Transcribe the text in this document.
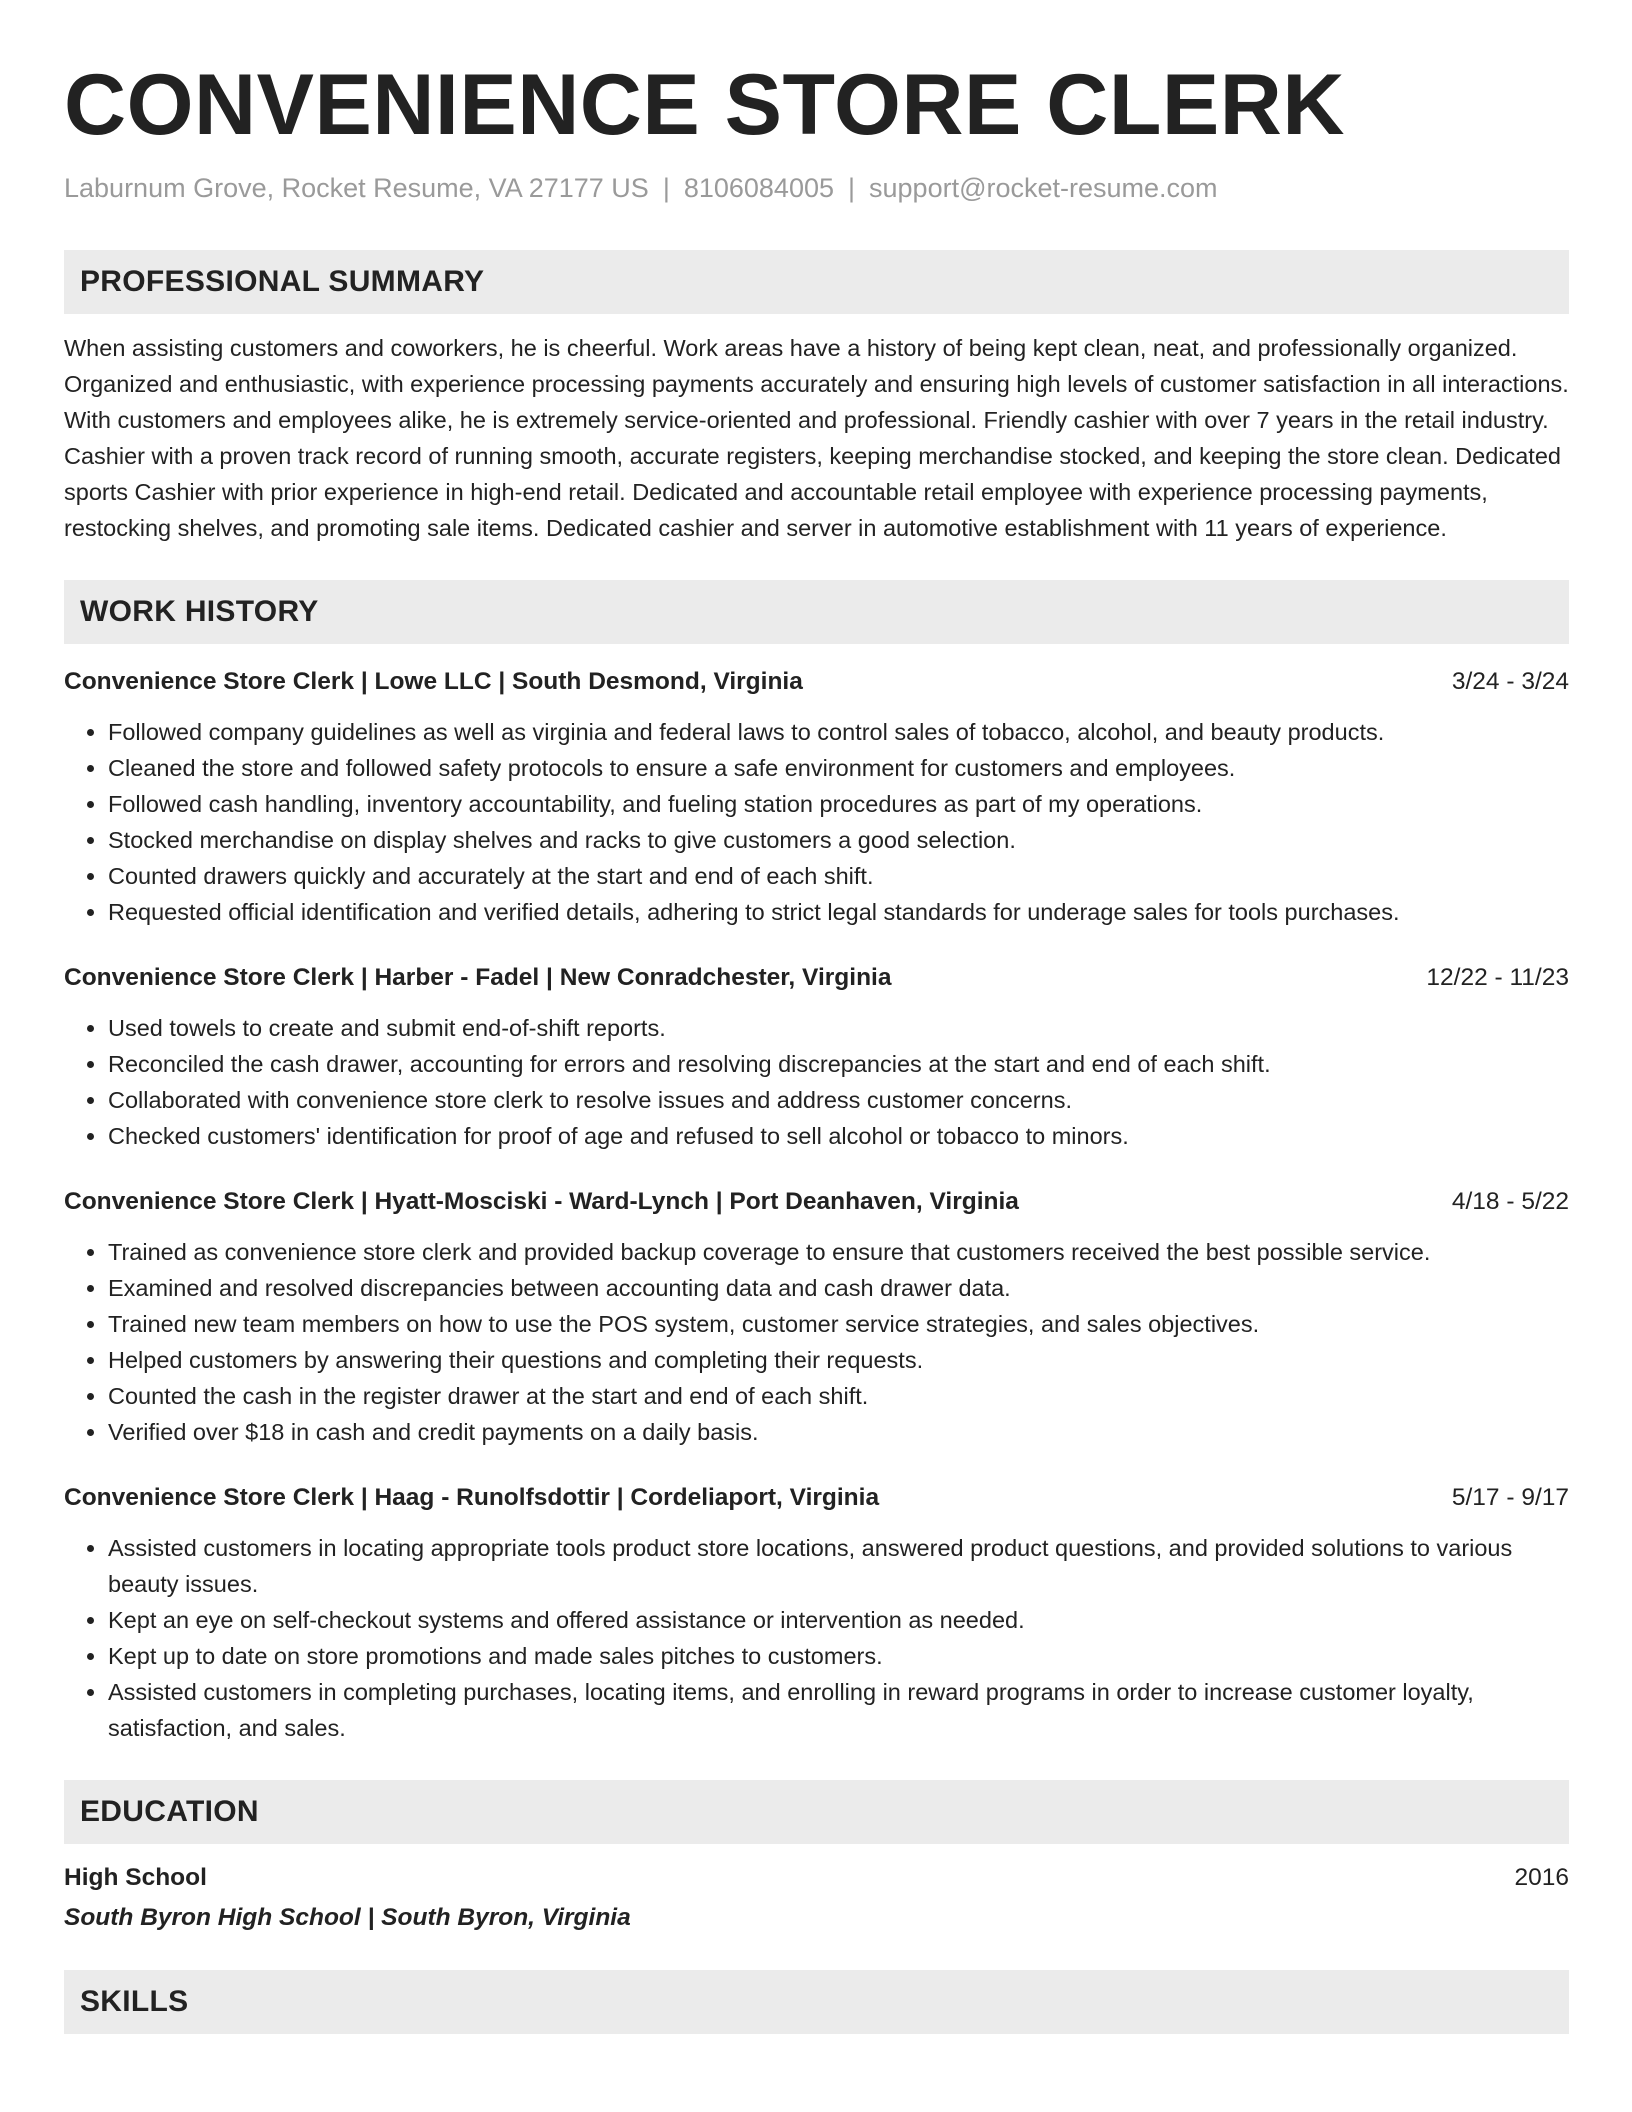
CONVENIENCE STORE CLERK
Laburnum Grove, Rocket Resume, VA 27177 US | 8106084005 | support@rocket-resume.com
PROFESSIONAL SUMMARY
When assisting customers and coworkers, he is cheerful. Work areas have a history of being kept clean, neat, and professionally organized. Organized and enthusiastic, with experience processing payments accurately and ensuring high levels of customer satisfaction in all interactions. With customers and employees alike, he is extremely service-oriented and professional. Friendly cashier with over 7 years in the retail industry. Cashier with a proven track record of running smooth, accurate registers, keeping merchandise stocked, and keeping the store clean. Dedicated sports Cashier with prior experience in high-end retail. Dedicated and accountable retail employee with experience processing payments, restocking shelves, and promoting sale items. Dedicated cashier and server in automotive establishment with 11 years of experience.
WORK HISTORY
Convenience Store Clerk | Lowe LLC | South Desmond, Virginia	3/24 - 3/24
• Followed company guidelines as well as virginia and federal laws to control sales of tobacco, alcohol, and beauty products.
• Cleaned the store and followed safety protocols to ensure a safe environment for customers and employees.
• Followed cash handling, inventory accountability, and fueling station procedures as part of my operations.
• Stocked merchandise on display shelves and racks to give customers a good selection.
• Counted drawers quickly and accurately at the start and end of each shift.
• Requested official identification and verified details, adhering to strict legal standards for underage sales for tools purchases.
Convenience Store Clerk | Harber - Fadel | New Conradchester, Virginia	12/22 - 11/23
• Used towels to create and submit end-of-shift reports.
• Reconciled the cash drawer, accounting for errors and resolving discrepancies at the start and end of each shift.
• Collaborated with convenience store clerk to resolve issues and address customer concerns.
• Checked customers' identification for proof of age and refused to sell alcohol or tobacco to minors.
Convenience Store Clerk | Hyatt-Mosciski - Ward-Lynch | Port Deanhaven, Virginia	4/18 - 5/22
• Trained as convenience store clerk and provided backup coverage to ensure that customers received the best possible service.
• Examined and resolved discrepancies between accounting data and cash drawer data.
• Trained new team members on how to use the POS system, customer service strategies, and sales objectives.
• Helped customers by answering their questions and completing their requests.
• Counted the cash in the register drawer at the start and end of each shift.
• Verified over $18 in cash and credit payments on a daily basis.
Convenience Store Clerk | Haag - Runolfsdottir | Cordeliaport, Virginia	5/17 - 9/17
• Assisted customers in locating appropriate tools product store locations, answered product questions, and provided solutions to various beauty issues.
• Kept an eye on self-checkout systems and offered assistance or intervention as needed.
• Kept up to date on store promotions and made sales pitches to customers.
• Assisted customers in completing purchases, locating items, and enrolling in reward programs in order to increase customer loyalty, satisfaction, and sales.
EDUCATION
High School	2016
South Byron High School | South Byron, Virginia
SKILLS
